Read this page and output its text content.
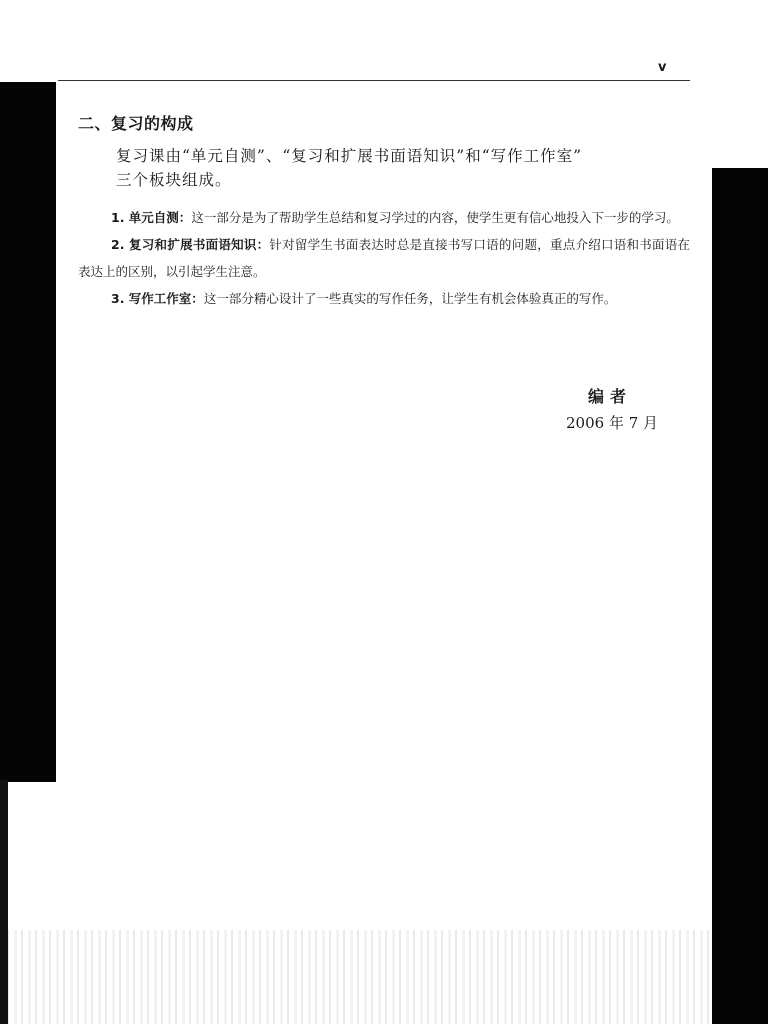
v
二、复习的构成
复习课由“单元自测”、“复习和扩展书面语知识”和“写作工作室”
三个板块组成。

1. 单元自测：这一部分是为了帮助学生总结和复习学过的内容，使学生更有信心地投入下一步的学习。

2. 复习和扩展书面语知识：针对留学生书面表达时总是直接书写口语的问题，重点介绍口语和书面语在表达上的区别，以引起学生注意。

3. 写作工作室：这一部分精心设计了一些真实的写作任务，让学生有机会体验真正的写作。

编者
2006 年 7 月
